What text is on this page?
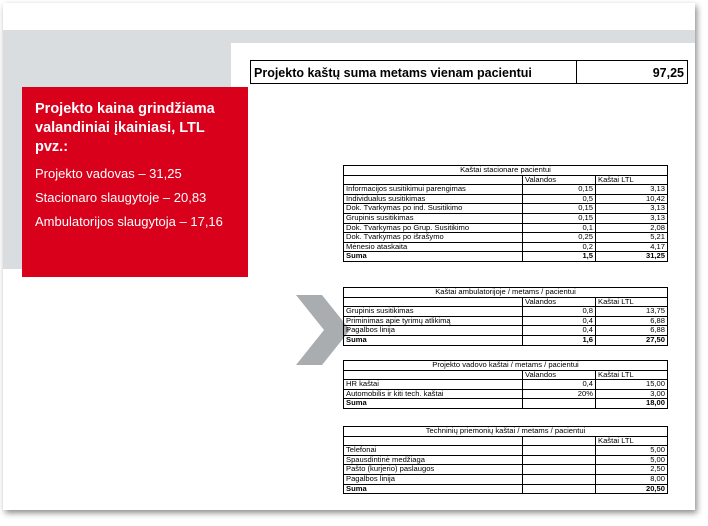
Projekto kaina grindžiama valandiniai įkainiasi, LTL pvz.:
Projekto vadovas – 31,25
Stacionaro slaugytoje – 20,83
Ambulatorijos slaugytoja – 17,16
Projekto kaštų suma metams vienam pacientui	97,25
Kaštai stacionare pacientui		
	Valandos	Kaštai LTL
Informacijos susitikimui parengimas	0,15	3,13
Individualus susitikimas	0,5	10,42
Dok. Tvarkymas po ind. Susitikimo	0,15	3,13
Grupinis susitikimas	0,15	3,13
Dok. Tvarkymas po Grup. Susitikimo	0,1	2,08
Dok. Tvarkymas po išrašymo	0,25	5,21
Mėnesio ataskaita	0,2	4,17
Suma	1,5	31,25
Kaštai ambulatorijoje / metams / pacientui		
	Valandos	Kaštai LTL
Grupinis susitikimas	0,8	13,75
Priminimas apie tyrimų atlikimą	0,4	6,88
Pagalbos linija	0,4	6,88
Suma	1,6	27,50
Projekto vadovo kaštai / metams / pacientui		
	Valandos	Kaštai LTL
HR kaštai	0,4	15,00
Automobilis ir kiti tech. kaštai	20%	3,00
Suma		18,00
Techninių priemonių kaštai / metams / pacientui		
		Kaštai LTL
Telefonai		5,00
Spausdintinė medžiaga		5,00
Pašto (kurjerio) paslaugos		2,50
Pagalbos linija		8,00
Suma		20,50
